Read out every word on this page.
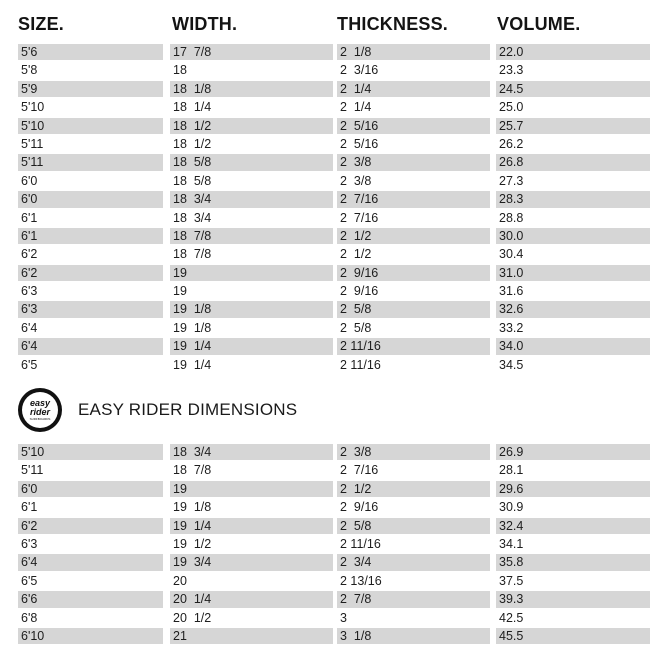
SIZE.	WIDTH.	THICKNESS.	VOLUME.
5'6	17  7/8	2  1/8	22.0
5'8	18	2  3/16	23.3
5'9	18  1/8	2  1/4	24.5
5'10	18  1/4	2  1/4	25.0
5'10	18  1/2	2  5/16	25.7
5'11	18  1/2	2  5/16	26.2
5'11	18  5/8	2  3/8	26.8
6'0	18  5/8	2  3/8	27.3
6'0	18  3/4	2  7/16	28.3
6'1	18  3/4	2  7/16	28.8
6'1	18  7/8	2  1/2	30.0
6'2	18  7/8	2  1/2	30.4
6'2	19	2  9/16	31.0
6'3	19	2  9/16	31.6
6'3	19  1/8	2  5/8	32.6
6'4	19  1/8	2  5/8	33.2
6'4	19  1/4	2 11/16	34.0
6'5	19  1/4	2 11/16	34.5
easy
rider
SURFBOARDS EASY RIDER DIMENSIONS
5'10	18  3/4	2  3/8	26.9
5'11	18  7/8	2  7/16	28.1
6'0	19	2  1/2	29.6
6'1	19  1/8	2  9/16	30.9
6'2	19  1/4	2  5/8	32.4
6'3	19  1/2	2 11/16	34.1
6'4	19  3/4	2  3/4	35.8
6'5	20	2 13/16	37.5
6'6	20  1/4	2  7/8	39.3
6'8	20  1/2	3	42.5
6'10	21	3  1/8	45.5
